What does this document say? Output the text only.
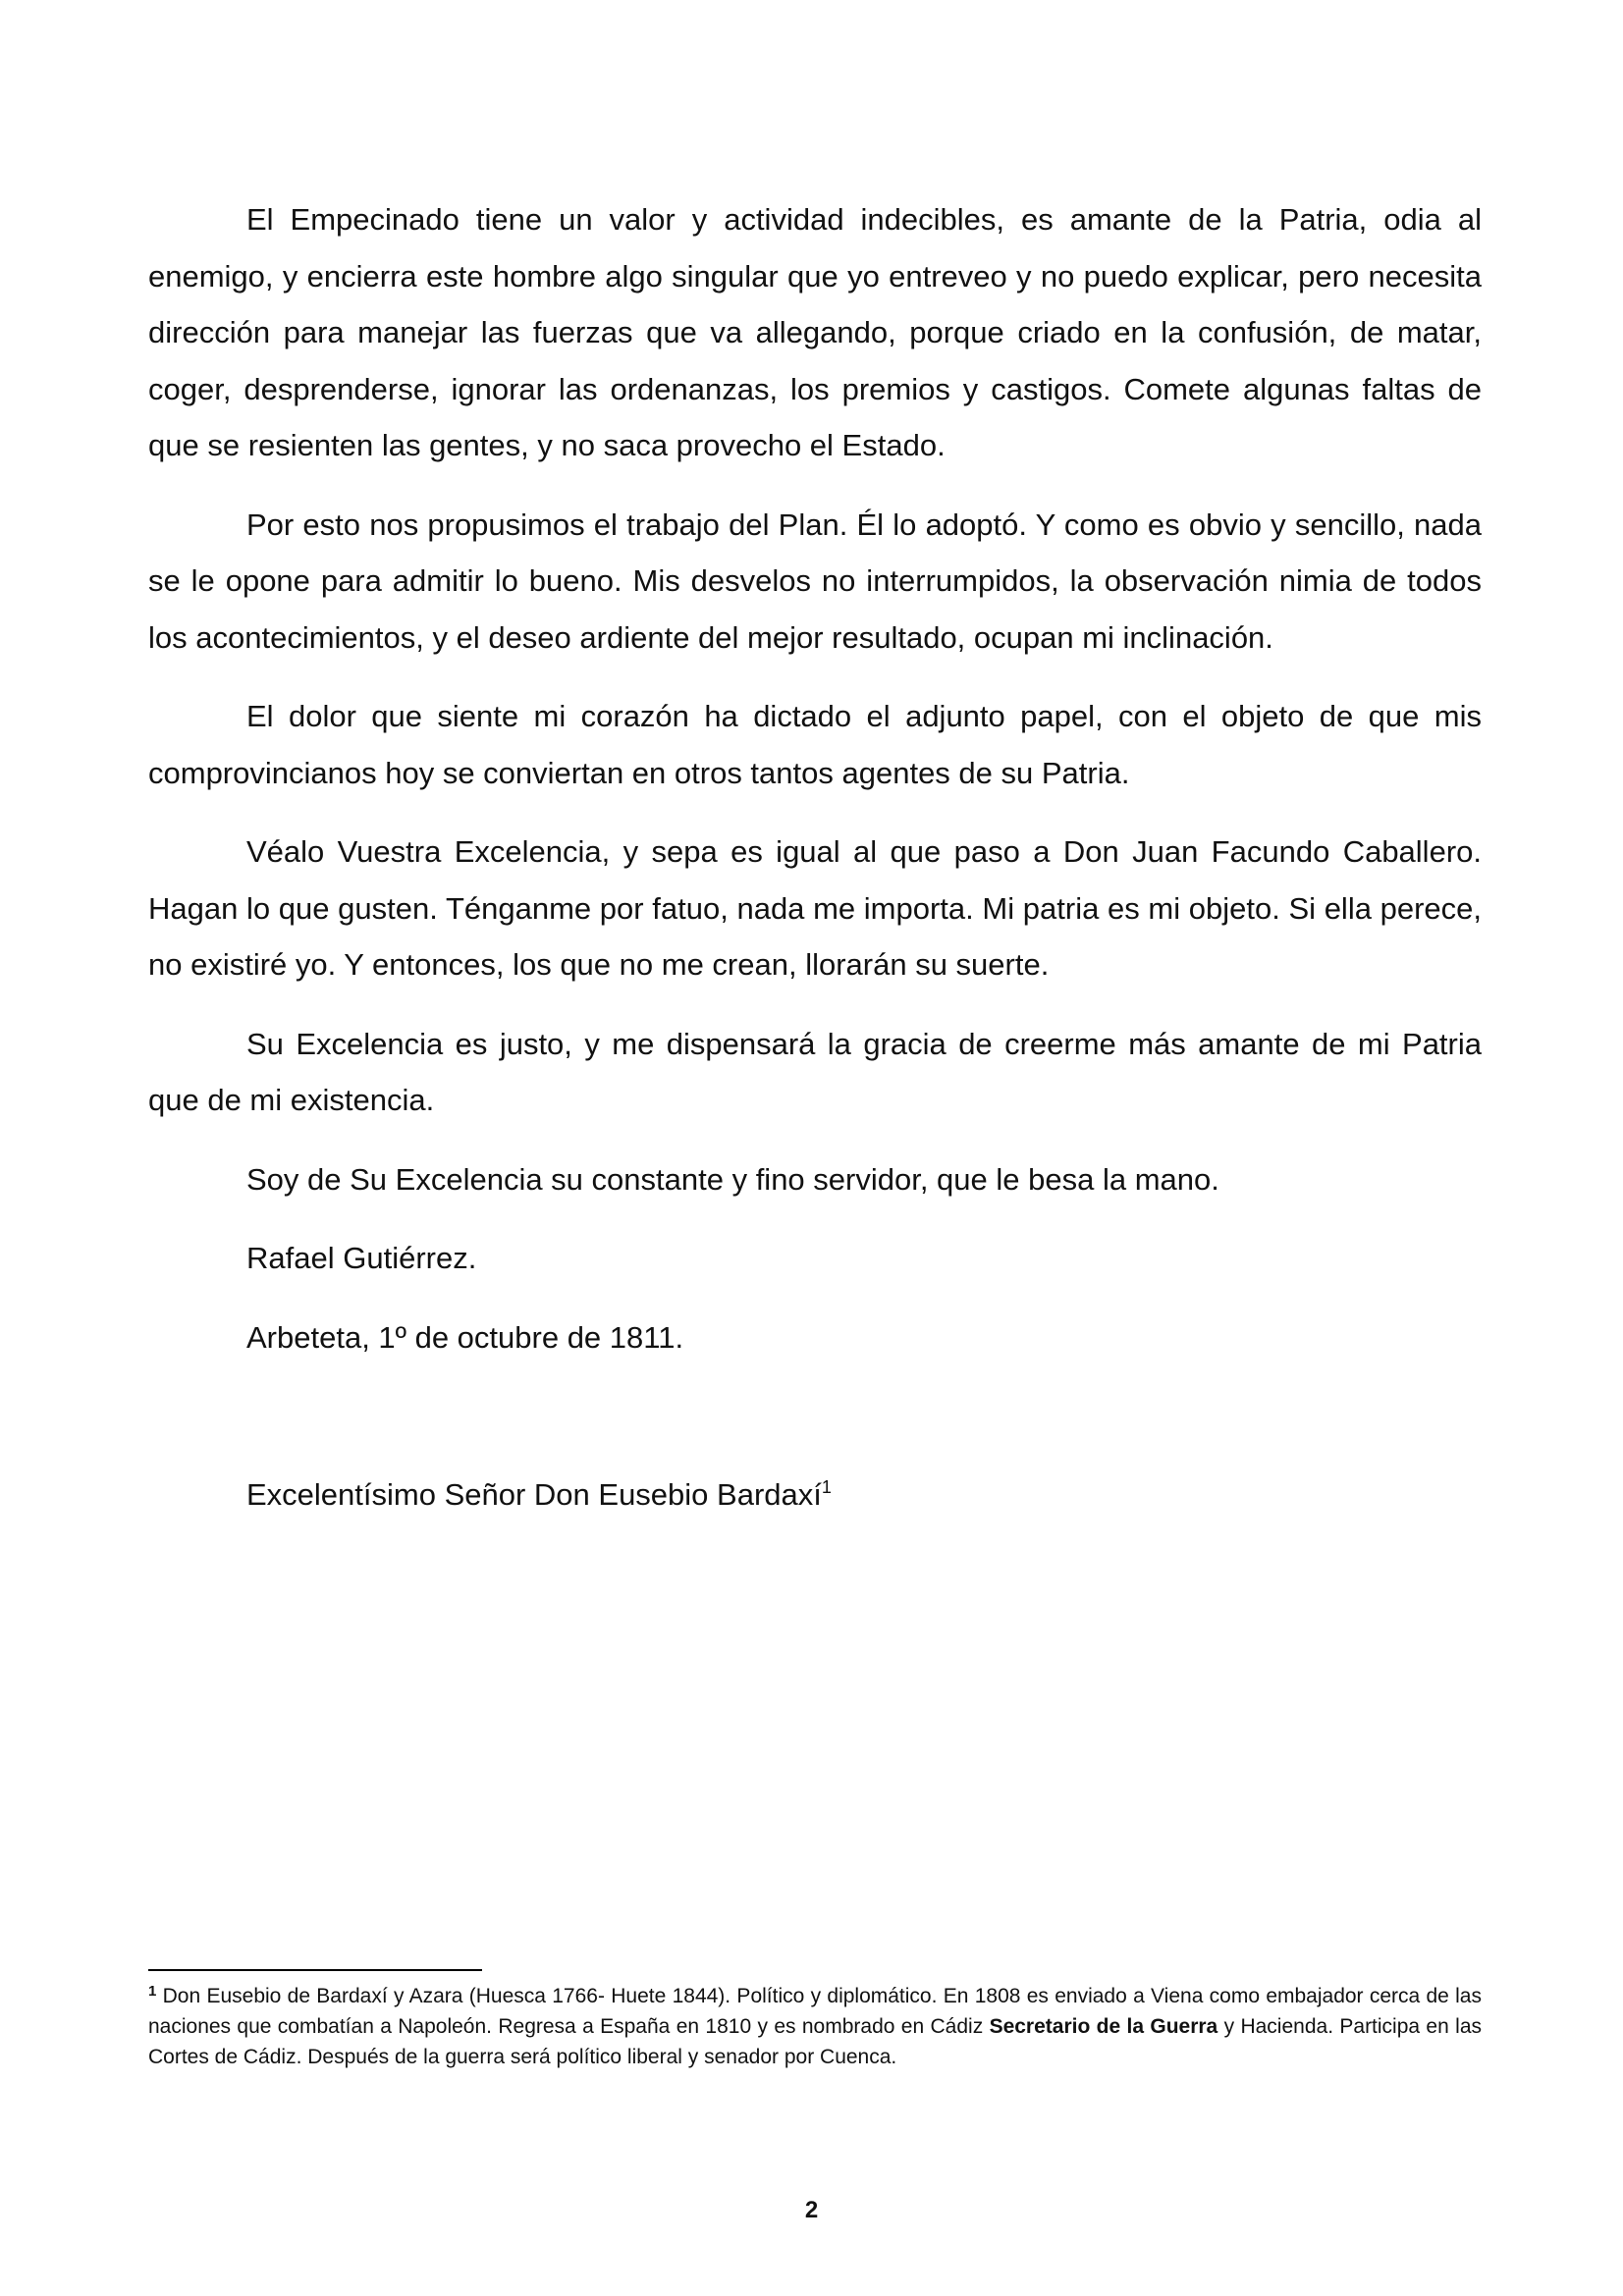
El Empecinado tiene un valor y actividad indecibles, es amante de la Patria, odia al enemigo, y encierra este hombre algo singular que yo entreveo y no puedo explicar, pero necesita dirección para manejar las fuerzas que va allegando, porque criado en la confusión, de matar, coger, desprenderse, ignorar las ordenanzas, los premios y castigos. Comete algunas faltas de que se resienten las gentes, y no saca provecho el Estado.

Por esto nos propusimos el trabajo del Plan. Él lo adoptó. Y como es obvio y sencillo, nada se le opone para admitir lo bueno. Mis desvelos no interrumpidos, la observación nimia de todos los acontecimientos, y el deseo ardiente del mejor resultado, ocupan mi inclinación.

El dolor que siente mi corazón ha dictado el adjunto papel, con el objeto de que mis comprovincianos hoy se conviertan en otros tantos agentes de su Patria.

Véalo Vuestra Excelencia, y sepa es igual al que paso a Don Juan Facundo Caballero. Hagan lo que gusten. Ténganme por fatuo, nada me importa. Mi patria es mi objeto. Si ella perece, no existiré yo. Y entonces, los que no me crean, llorarán su suerte.

Su Excelencia es justo, y me dispensará la gracia de creerme más amante de mi Patria que de mi existencia.

Soy de Su Excelencia su constante y fino servidor, que le besa la mano.

Rafael Gutiérrez.

Arbeteta, 1º de octubre de 1811.

Excelentísimo Señor Don Eusebio Bardaxí$^1$

$^1$ Don Eusebio de Bardaxí y Azara (Huesca 1766- Huete 1844). Político y diplomático. En 1808 es enviado a Viena como embajador cerca de las naciones que combatían a Napoleón. Regresa a España en 1810 y es nombrado en Cádiz Secretario de la Guerra y Hacienda. Participa en las Cortes de Cádiz. Después de la guerra será político liberal y senador por Cuenca.
2
